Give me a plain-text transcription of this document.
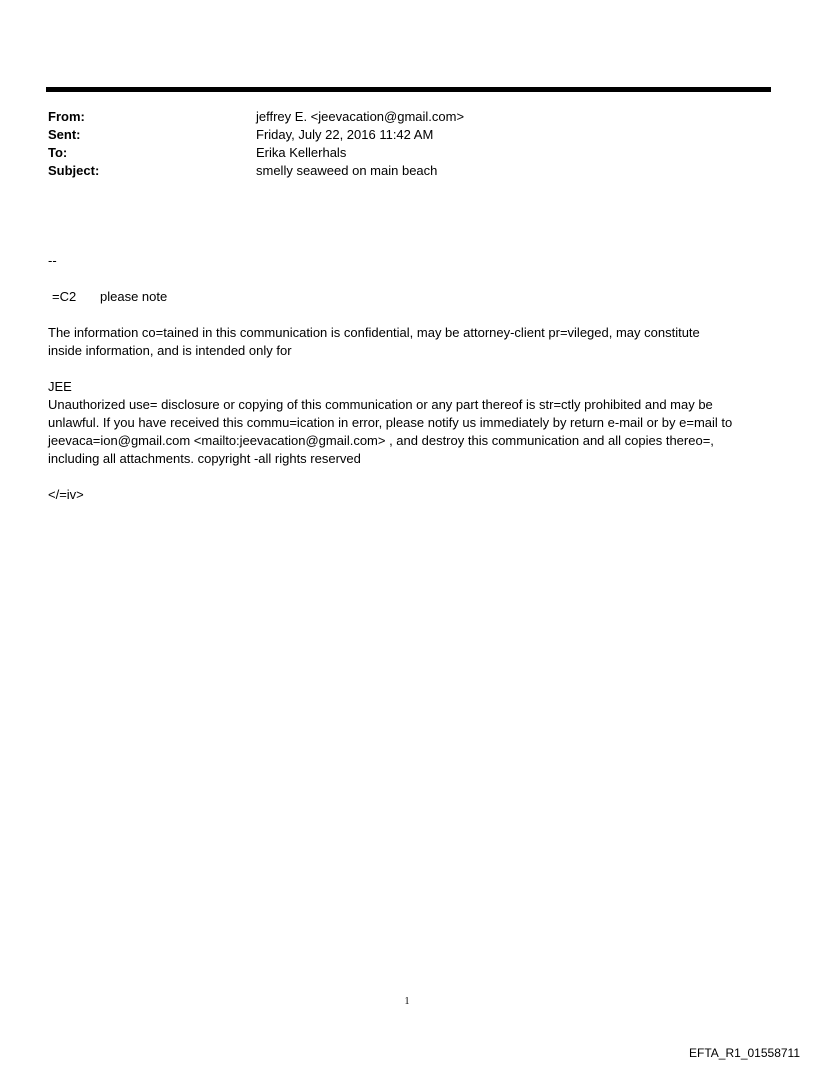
From:	jeffrey E. <jeevacation@gmail.com>
Sent:	Friday, July 22, 2016 11:42 AM
To:	Erika Kellerhals
Subject:	smelly seaweed on main beach
--
=C2 please note
The information co=tained in this communication is confidential, may be attorney-client pr=vileged, may constitute
inside information, and is intended only for
JEE
Unauthorized use= disclosure or copying of this communication or any part thereof is str=ctly prohibited and may be
unlawful. If you have received this commu=ication in error, please notify us immediately by return e-mail or by e=mail to
jeevaca=ion@gmail.com <mailto:jeevacation@gmail.com> , and destroy this communication and all copies thereo=,
including all attachments. copyright -all rights reserved
</=iv>
1
EFTA_R1_01558711
